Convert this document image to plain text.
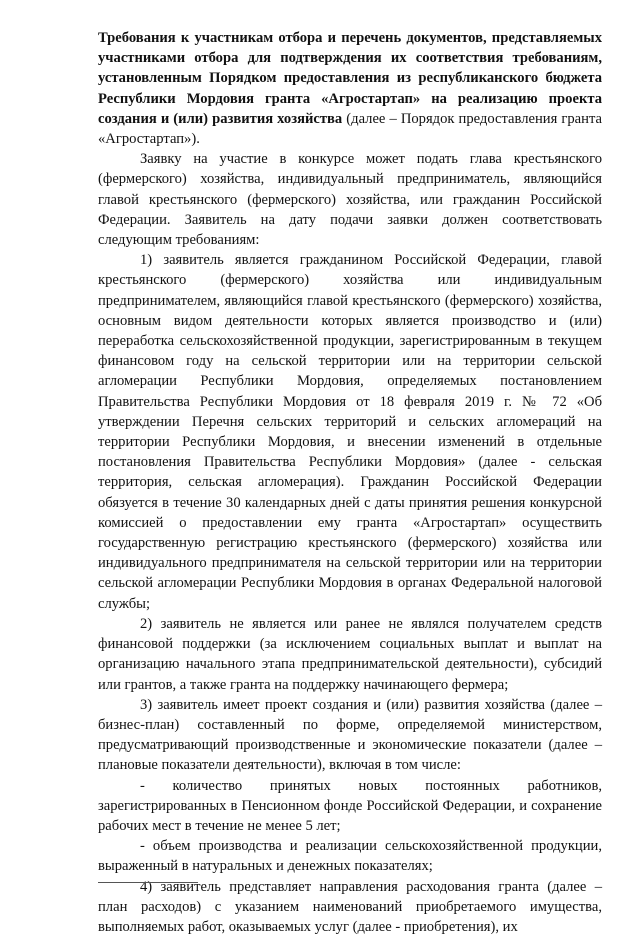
Требования к участникам отбора и перечень документов, представляемых участниками отбора для подтверждения их соответствия требованиям, установленным Порядком предоставления из республиканского бюджета Республики Мордовия гранта «Агростартап» на реализацию проекта создания и (или) развития хозяйства (далее – Порядок предоставления гранта «Агростартап»).

Заявку на участие в конкурсе может подать глава крестьянского (фермерского) хозяйства, индивидуальный предприниматель, являющийся главой крестьянского (фермерского) хозяйства, или гражданин Российской Федерации. Заявитель на дату подачи заявки должен соответствовать следующим требованиям:

1) заявитель является гражданином Российской Федерации, главой крестьянского (фермерского) хозяйства или индивидуальным предпринимателем, являющийся главой крестьянского (фермерского) хозяйства, основным видом деятельности которых является производство и (или) переработка сельскохозяйственной продукции, зарегистрированным в текущем финансовом году на сельской территории или на территории сельской агломерации Республики Мордовия, определяемых постановлением Правительства Республики Мордовия от 18 февраля 2019 г. № 72 «Об утверждении Перечня сельских территорий и сельских агломераций на территории Республики Мордовия, и внесении изменений в отдельные постановления Правительства Республики Мордовия» (далее - сельская территория, сельская агломерация). Гражданин Российской Федерации обязуется в течение 30 календарных дней с даты принятия решения конкурсной комиссией о предоставлении ему гранта «Агростартап» осуществить государственную регистрацию крестьянского (фермерского) хозяйства или индивидуального предпринимателя на сельской территории или на территории сельской агломерации Республики Мордовия в органах Федеральной налоговой службы;

2) заявитель не является или ранее не являлся получателем средств финансовой поддержки (за исключением социальных выплат и выплат на организацию начального этапа предпринимательской деятельности), субсидий или грантов, а также гранта на поддержку начинающего фермера;

3) заявитель имеет проект создания и (или) развития хозяйства (далее – бизнес-план) составленный по форме, определяемой министерством, предусматривающий производственные и экономические показатели (далее – плановые показатели деятельности), включая в том числе:

- количество принятых новых постоянных работников, зарегистрированных в Пенсионном фонде Российской Федерации, и сохранение рабочих мест в течение не менее 5 лет;

- объем производства и реализации сельскохозяйственной продукции, выраженный в натуральных и денежных показателях;

4) заявитель представляет направления расходования гранта (далее – план расходов) с указанием наименований приобретаемого имущества, выполняемых работ, оказываемых услуг (далее - приобретения), их
